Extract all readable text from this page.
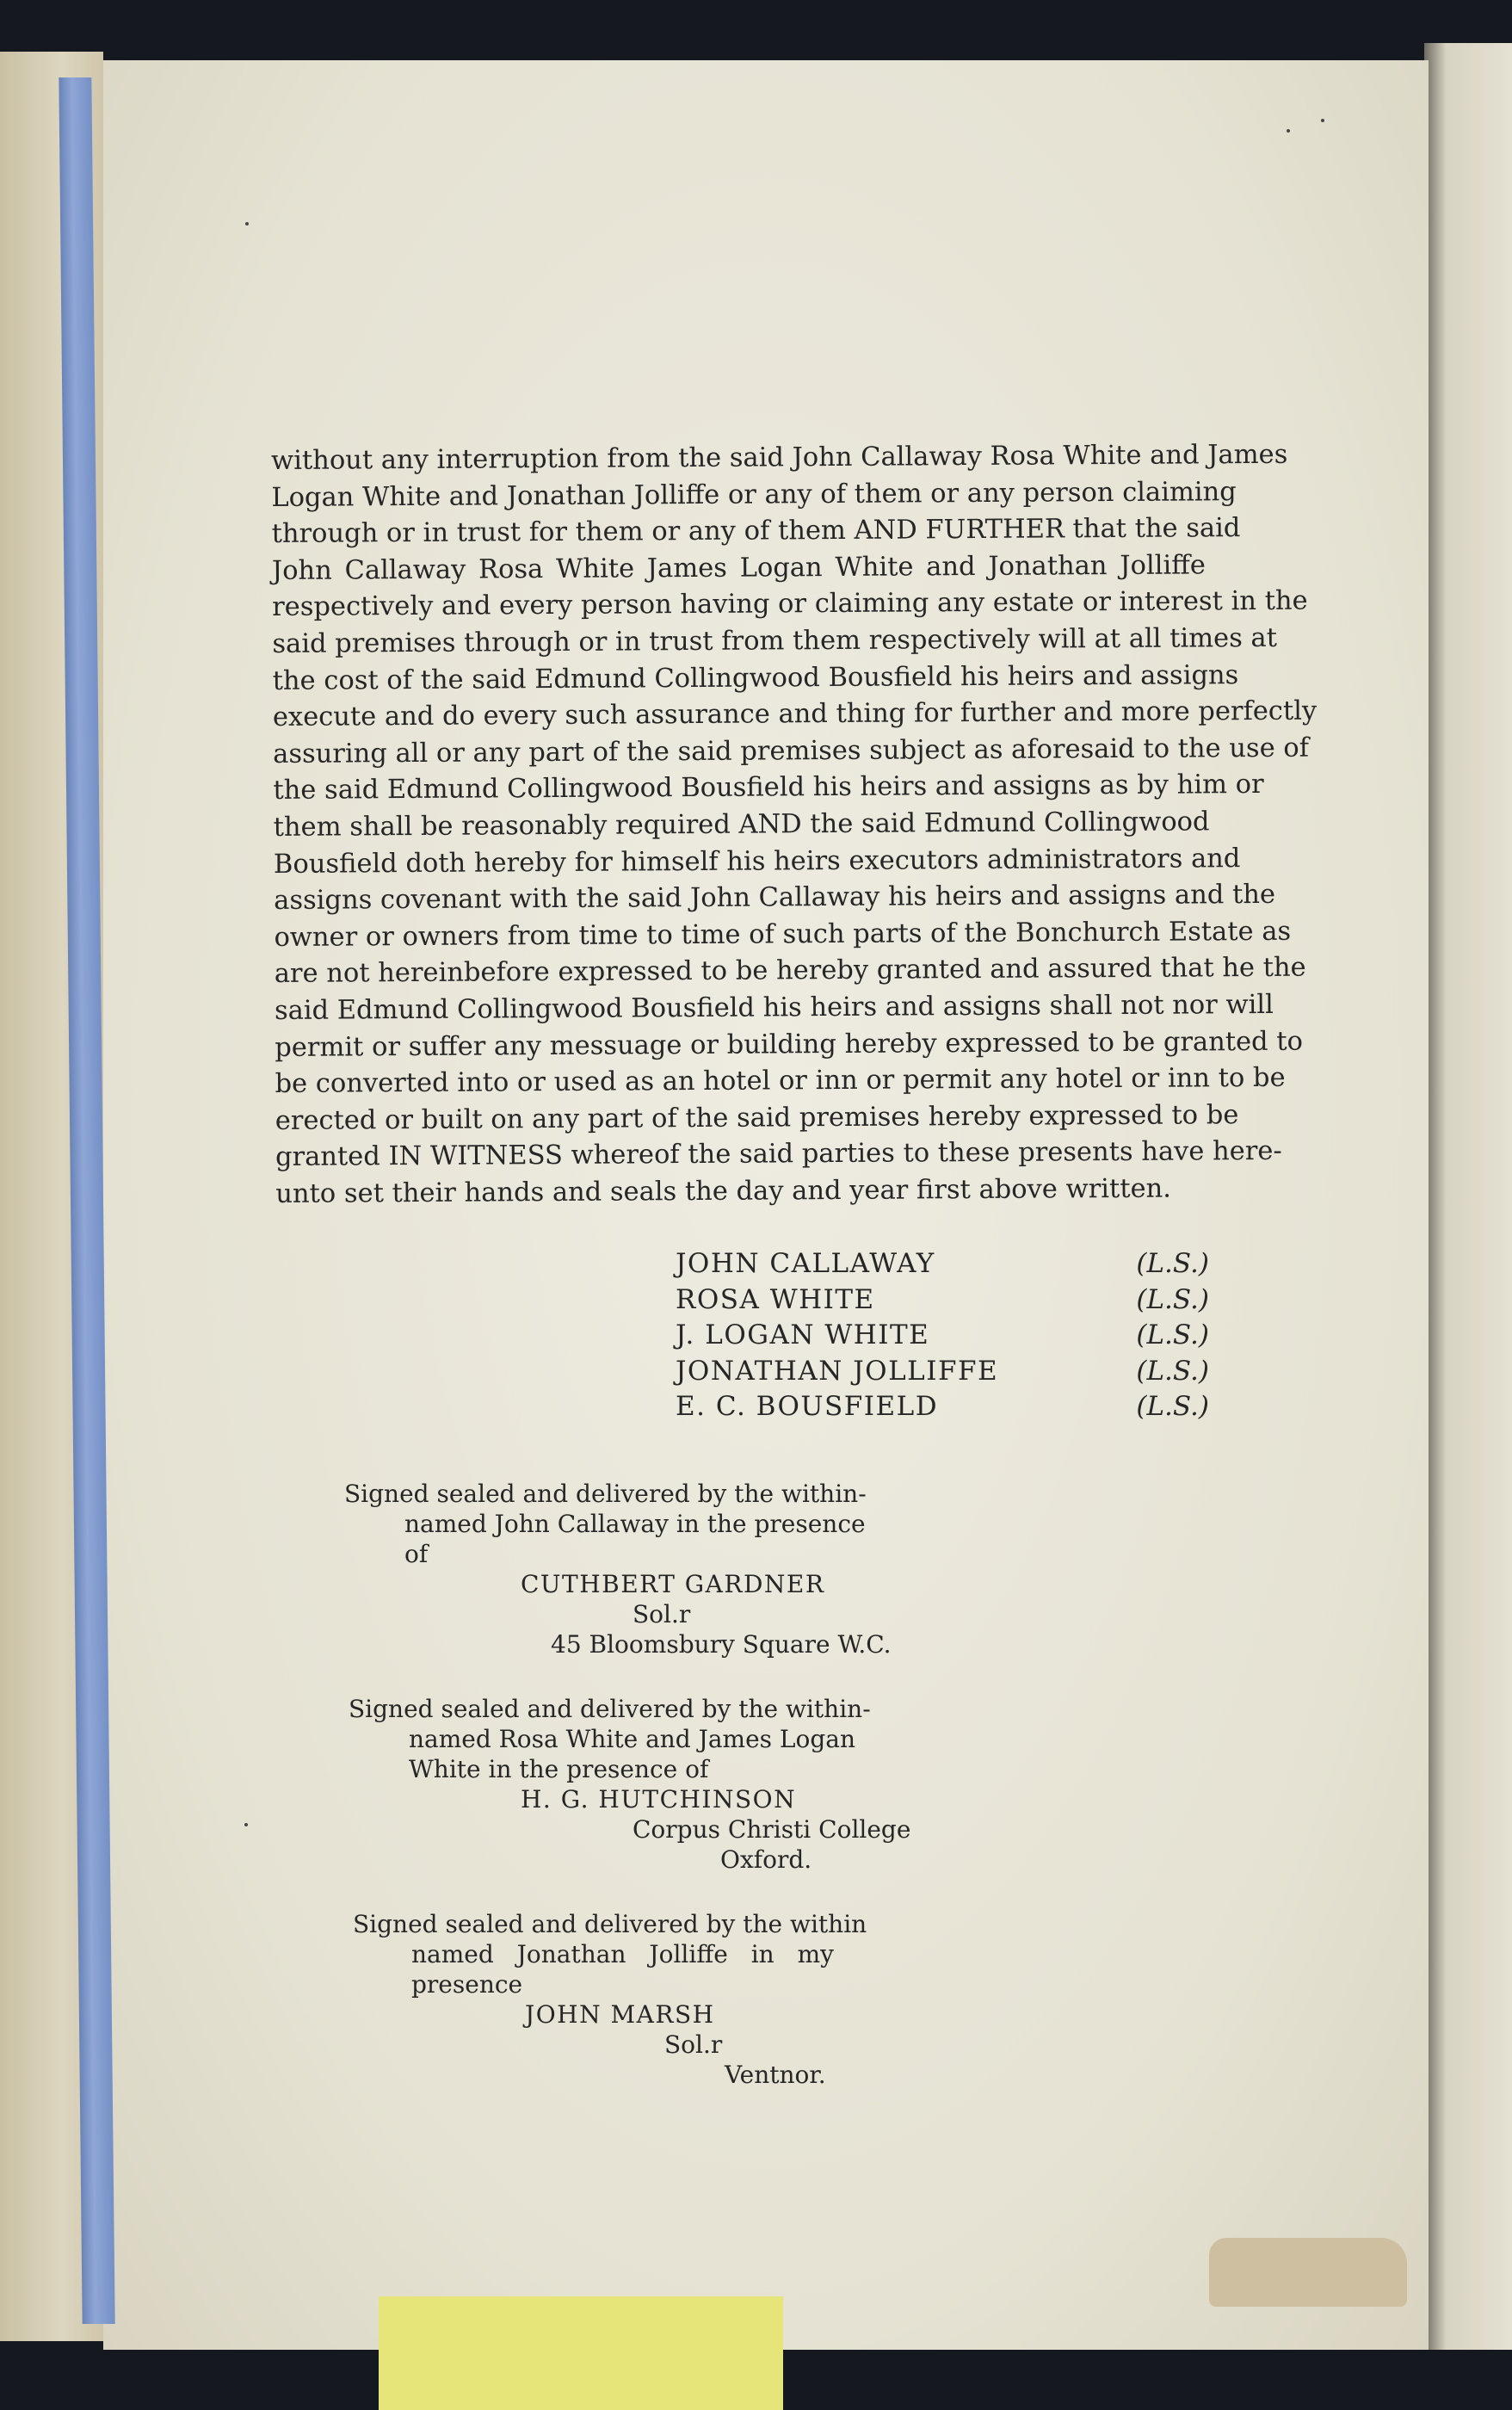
without any interruption from the said John Callaway Rosa White and James
Logan White and Jonathan Jolliffe or any of them or any person claiming
through or in trust for them or any of them AND FURTHER that the said
John Callaway Rosa White James Logan White and Jonathan Jolliffe
respectively and every person having or claiming any estate or interest in the
said premises through or in trust from them respectively will at all times at
the cost of the said Edmund Collingwood Bousfield his heirs and assigns
execute and do every such assurance and thing for further and more perfectly
assuring all or any part of the said premises subject as aforesaid to the use of
the said Edmund Collingwood Bousfield his heirs and assigns as by him or
them shall be reasonably required AND the said Edmund Collingwood
Bousfield doth hereby for himself his heirs executors administrators and
assigns covenant with the said John Callaway his heirs and assigns and the
owner or owners from time to time of such parts of the Bonchurch Estate as
are not hereinbefore expressed to be hereby granted and assured that he the
said Edmund Collingwood Bousfield his heirs and assigns shall not nor will
permit or suffer any messuage or building hereby expressed to be granted to
be converted into or used as an hotel or inn or permit any hotel or inn to be
erected or built on any part of the said premises hereby expressed to be
granted IN WITNESS whereof the said parties to these presents have here-
unto set their hands and seals the day and year first above written.
JOHN CALLAWAY	(L.S.)
ROSA WHITE	(L.S.)
J. LOGAN WHITE	(L.S.)
JONATHAN JOLLIFFE	(L.S.)
E. C. BOUSFIELD	(L.S.)
Signed sealed and delivered by the within-
named John Callaway in the presence
of
CUTHBERT GARDNER
Sol.r
45 Bloomsbury Square W.C.
Signed sealed and delivered by the within-
named Rosa White and James Logan
White in the presence of
H. G. HUTCHINSON
Corpus Christi College
Oxford.
Signed sealed and delivered by the within
named Jonathan Jolliffe in my
presence
JOHN MARSH
Sol.r
Ventnor.
